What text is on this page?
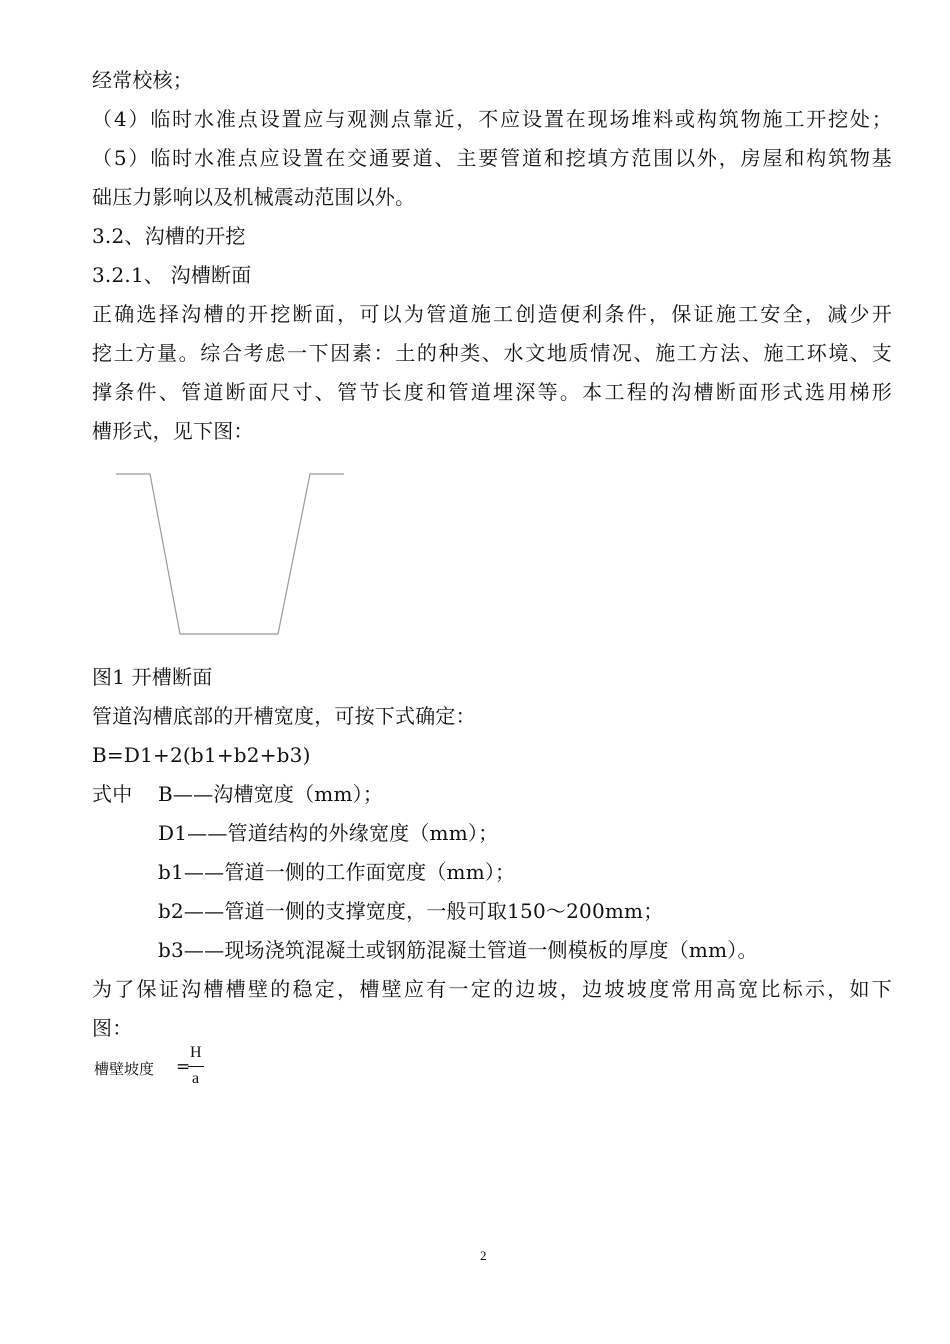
经常校核；
（4）临时水准点设置应与观测点靠近，不应设置在现场堆料或构筑物施工开挖处；
（5）临时水准点应设置在交通要道、主要管道和挖填方范围以外，房屋和构筑物基
础压力影响以及机械震动范围以外。
3.2、沟槽的开挖
3.2.1、 沟槽断面
正确选择沟槽的开挖断面，可以为管道施工创造便利条件，保证施工安全，减少开
挖土方量。综合考虑一下因素：土的种类、水文地质情况、施工方法、施工环境、支
撑条件、管道断面尺寸、管节长度和管道埋深等。本工程的沟槽断面形式选用梯形
槽形式，见下图：
图1 开槽断面
管道沟槽底部的开槽宽度，可按下式确定：
B=D1+2(b1+b2+b3)
式中	B——沟槽宽度（mm）；
D1——管道结构的外缘宽度（mm）；
b1——管道一侧的工作面宽度（mm）；
b2——管道一侧的支撑宽度，一般可取150～200mm；
b3——现场浇筑混凝土或钢筋混凝土管道一侧模板的厚度（mm）。
为了保证沟槽槽壁的稳定，槽壁应有一定的边坡，边坡坡度常用高宽比标示，如下
图：
槽壁坡度 =
H
a
2
